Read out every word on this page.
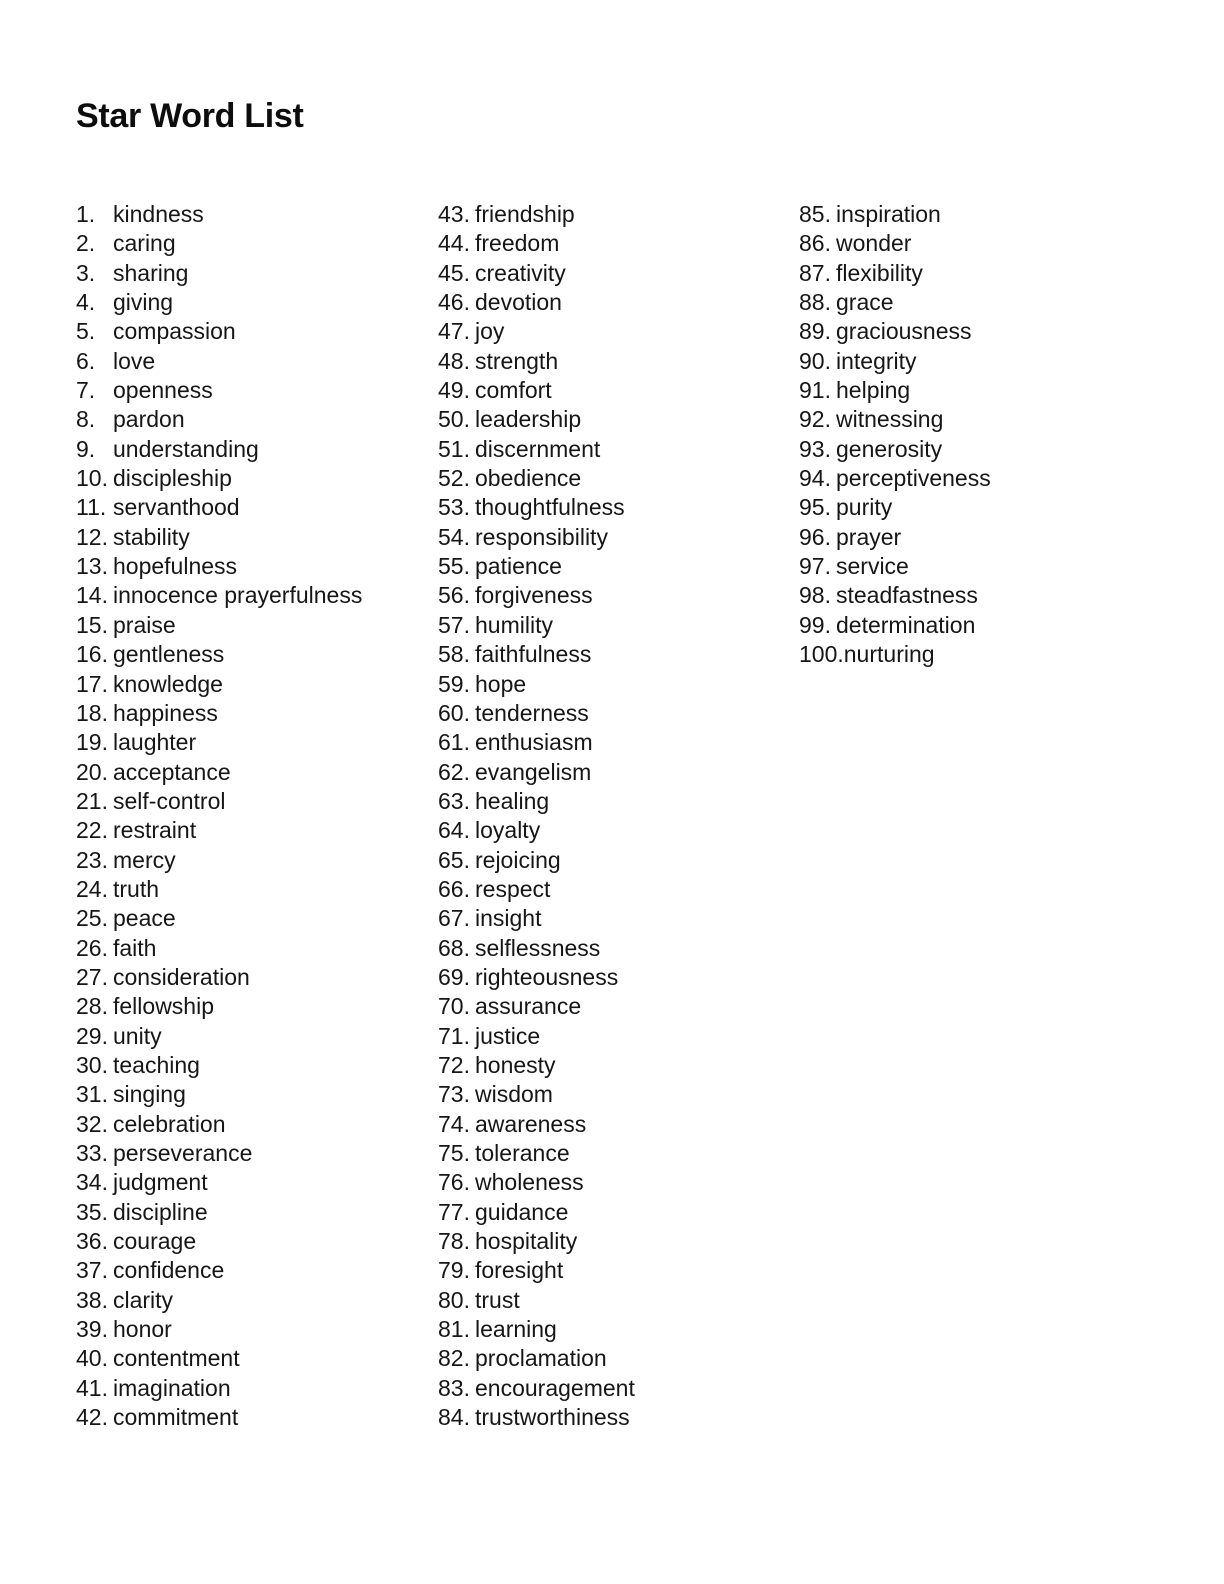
Star Word List
1. kindness
2. caring
3. sharing
4. giving
5. compassion
6. love
7. openness
8. pardon
9. understanding
10. discipleship
11. servanthood
12. stability
13. hopefulness
14. innocence prayerfulness
15. praise
16. gentleness
17. knowledge
18. happiness
19. laughter
20. acceptance
21. self-control
22. restraint
23. mercy
24. truth
25. peace
26. faith
27. consideration
28. fellowship
29. unity
30. teaching
31. singing
32. celebration
33. perseverance
34. judgment
35. discipline
36. courage
37. confidence
38. clarity
39. honor
40. contentment
41. imagination
42. commitment
43. friendship
44. freedom
45. creativity
46. devotion
47. joy
48. strength
49. comfort
50. leadership
51. discernment
52. obedience
53. thoughtfulness
54. responsibility
55. patience
56. forgiveness
57. humility
58. faithfulness
59. hope
60. tenderness
61. enthusiasm
62. evangelism
63. healing
64. loyalty
65. rejoicing
66. respect
67. insight
68. selflessness
69. righteousness
70. assurance
71. justice
72. honesty
73. wisdom
74. awareness
75. tolerance
76. wholeness
77. guidance
78. hospitality
79. foresight
80. trust
81. learning
82. proclamation
83. encouragement
84. trustworthiness
85. inspiration
86. wonder
87. flexibility
88. grace
89. graciousness
90. integrity
91. helping
92. witnessing
93. generosity
94. perceptiveness
95. purity
96. prayer
97. service
98. steadfastness
99. determination
100. nurturing
